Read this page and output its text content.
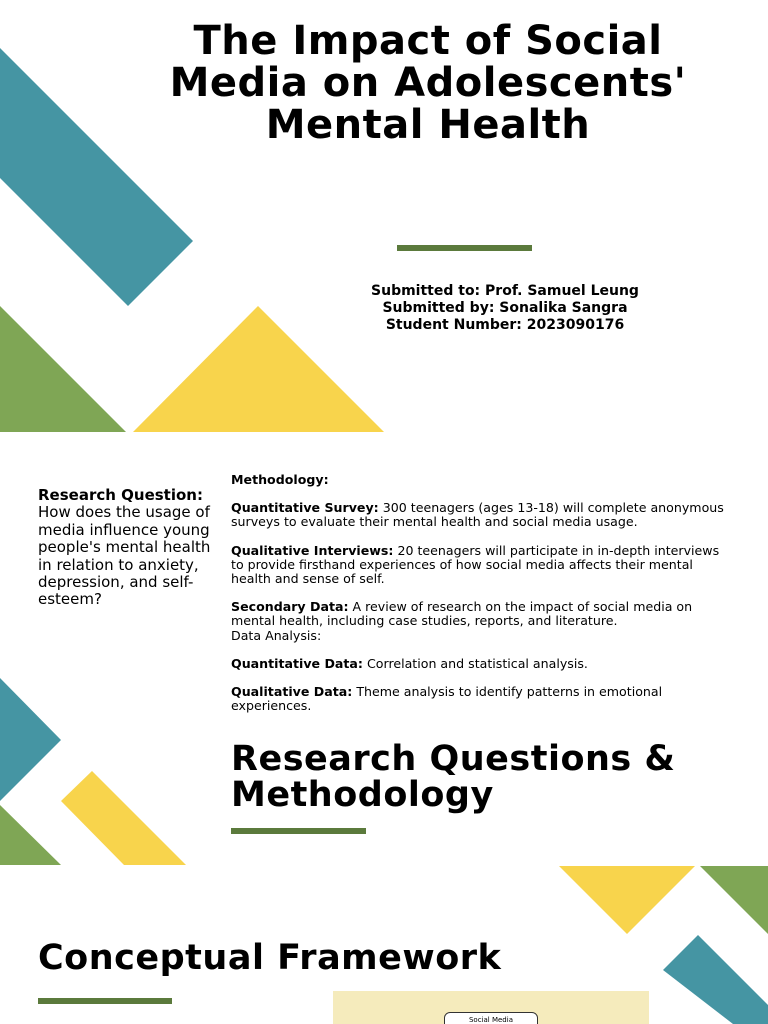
The Impact of Social Media on Adolescents' Mental Health
Submitted to: Prof. Samuel Leung
Submitted by: Sonalika Sangra
Student Number: 2023090176
Research Question: How does the usage of media influence young people's mental health in relation to anxiety, depression, and self-esteem?

Methodology:

Quantitative Survey: 300 teenagers (ages 13-18) will complete anonymous surveys to evaluate their mental health and social media usage.

Qualitative Interviews: 20 teenagers will participate in in-depth interviews to provide firsthand experiences of how social media affects their mental health and sense of self.

Secondary Data: A review of research on the impact of social media on mental health, including case studies, reports, and literature.

Data Analysis:

Quantitative Data: Correlation and statistical analysis.

Qualitative Data: Theme analysis to identify patterns in emotional experiences.

Research Questions & Methodology
Conceptual Framework
Social Media
